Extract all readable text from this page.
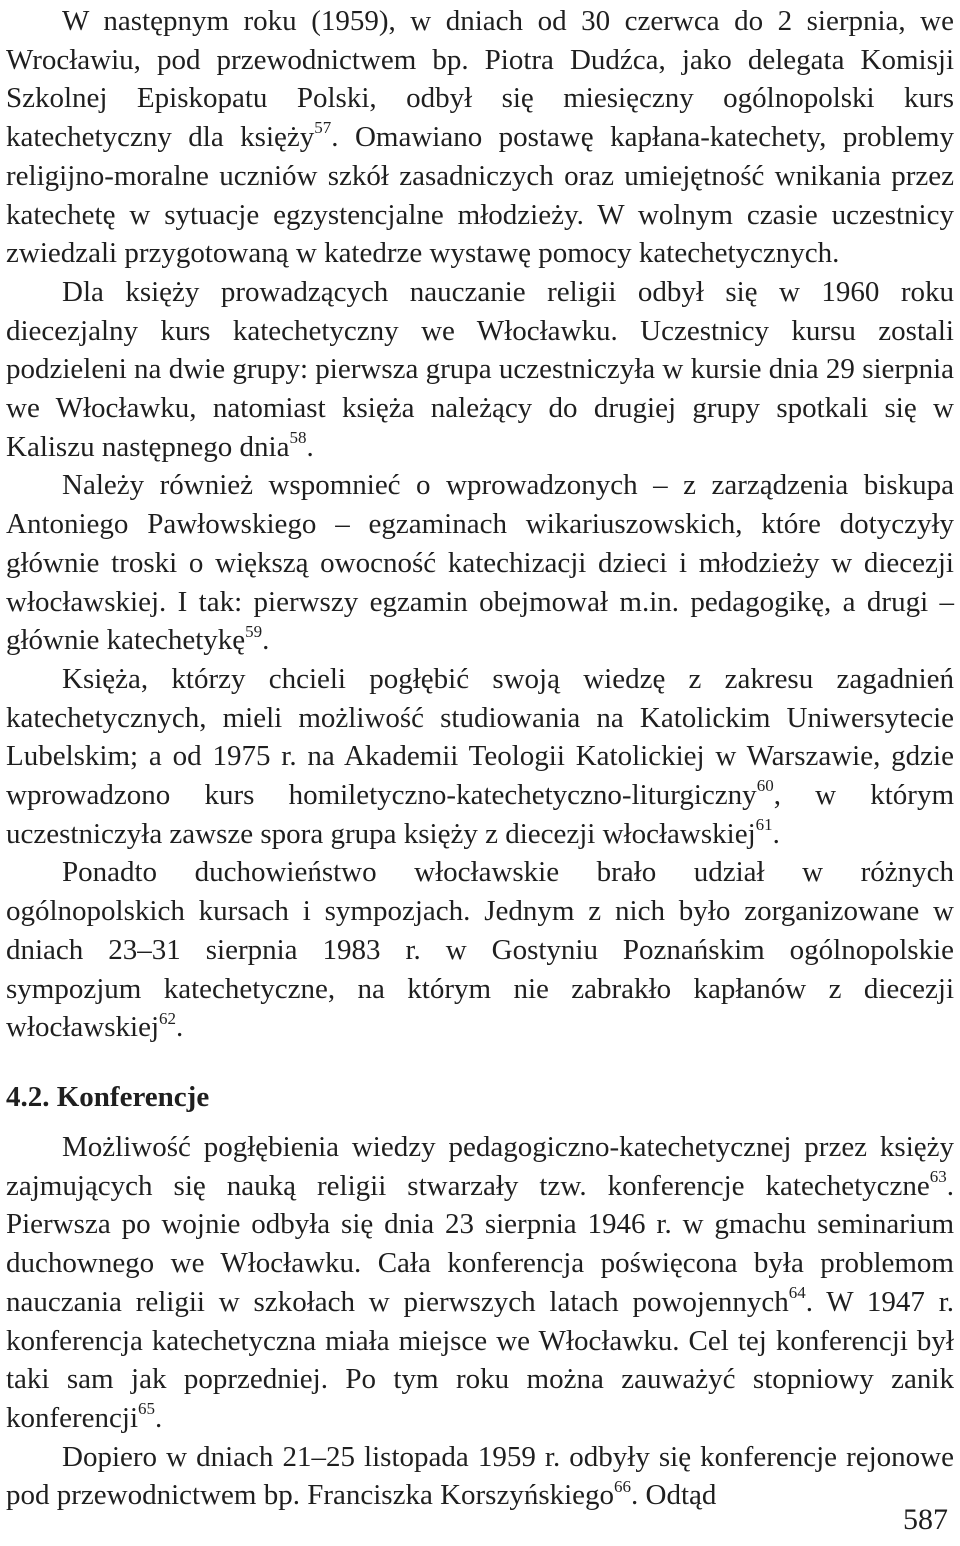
W następnym roku (1959), w dniach od 30 czerwca do 2 sierpnia, we Wrocławiu, pod przewodnictwem bp. Piotra Dudźca, jako delegata Komisji Szkolnej Episkopatu Polski, odbył się miesięczny ogólnopolski kurs katechetyczny dla księży$^{57}$. Omawiano postawę kapłana-katechety, problemy religijno-moralne uczniów szkół zasadniczych oraz umiejętność wnikania przez katechetę w sytuacje egzystencjalne młodzieży. W wolnym czasie uczestnicy zwiedzali przygotowaną w katedrze wystawę pomocy katechetycznych.

Dla księży prowadzących nauczanie religii odbył się w 1960 roku diecezjalny kurs katechetyczny we Włocławku. Uczestnicy kursu zostali podzieleni na dwie grupy: pierwsza grupa uczestniczyła w kursie dnia 29 sierpnia we Włocławku, natomiast księża należący do drugiej grupy spotkali się w Kaliszu następnego dnia$^{58}$.

Należy również wspomnieć o wprowadzonych – z zarządzenia biskupa Antoniego Pawłowskiego – egzaminach wikariuszowskich, które dotyczyły głównie troski o większą owocność katechizacji dzieci i młodzieży w diecezji włocławskiej. I tak: pierwszy egzamin obejmował m.in. pedagogikę, a drugi – głównie katechetykę$^{59}$.

Księża, którzy chcieli pogłębić swoją wiedzę z zakresu zagadnień katechetycznych, mieli możliwość studiowania na Katolickim Uniwersytecie Lubelskim; a od 1975 r. na Akademii Teologii Katolickiej w Warszawie, gdzie wprowadzono kurs homiletyczno-katechetyczno-liturgiczny$^{60}$, w którym uczestniczyła zawsze spora grupa księży z diecezji włocławskiej$^{61}$.

Ponadto duchowieństwo włocławskie brało udział w różnych ogólnopolskich kursach i sympozjach. Jednym z nich było zorganizowane w dniach 23–31 sierpnia 1983 r. w Gostyniu Poznańskim ogólnopolskie sympozjum katechetyczne, na którym nie zabrakło kapłanów z diecezji włocławskiej$^{62}$.

4.2. Konferencje

Możliwość pogłębienia wiedzy pedagogiczno-katechetycznej przez księży zajmujących się nauką religii stwarzały tzw. konferencje katechetyczne$^{63}$. Pierwsza po wojnie odbyła się dnia 23 sierpnia 1946 r. w gmachu seminarium duchownego we Włocławku. Cała konferencja poświęcona była problemom nauczania religii w szkołach w pierwszych latach powojennych$^{64}$. W 1947 r. konferencja katechetyczna miała miejsce we Włocławku. Cel tej konferencji był taki sam jak poprzedniej. Po tym roku można zauważyć stopniowy zanik konferencji$^{65}$.

Dopiero w dniach 21–25 listopada 1959 r. odbyły się konferencje rejonowe pod przewodnictwem bp. Franciszka Korszyńskiego$^{66}$. Odtąd

587
